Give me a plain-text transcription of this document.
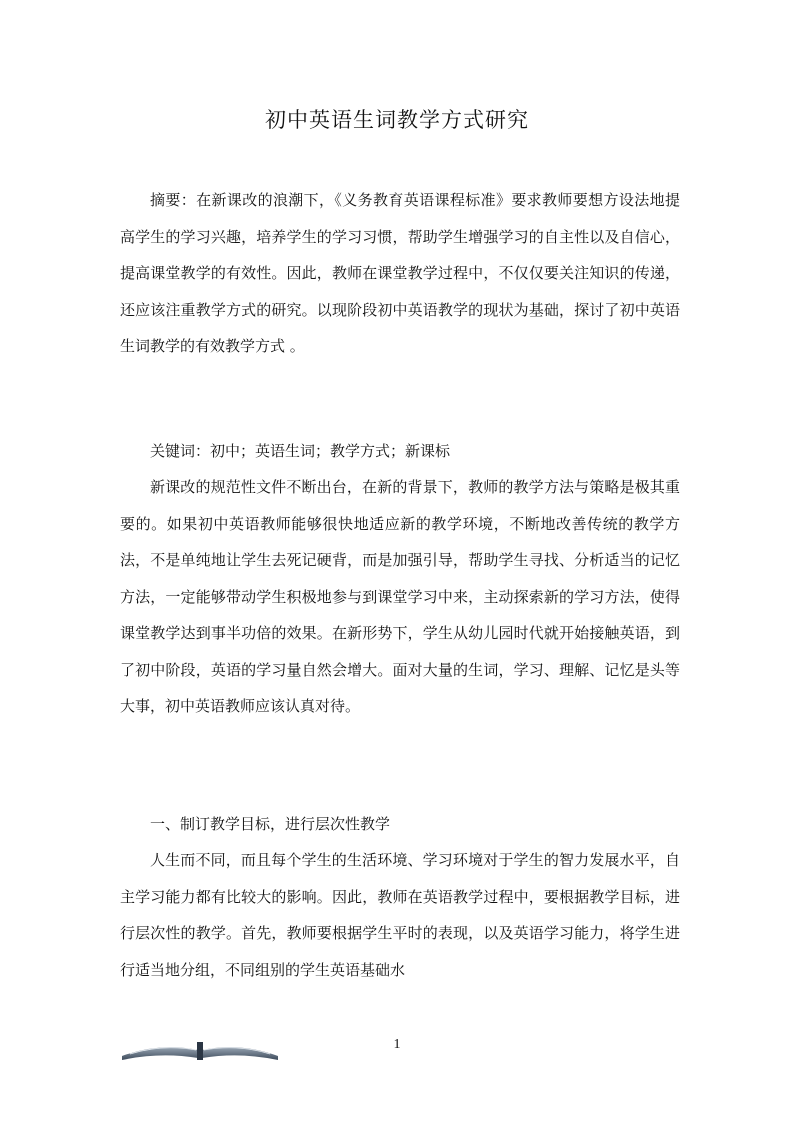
初中英语生词教学方式研究

摘要：在新课改的浪潮下，《义务教育英语课程标准》要求教师要想方设法地提高学生的学习兴趣，培养学生的学习习惯，帮助学生增强学习的自主性以及自信心，提高课堂教学的有效性。因此，教师在课堂教学过程中，不仅仅要关注知识的传递，还应该注重教学方式的研究。以现阶段初中英语教学的现状为基础，探讨了初中英语生词教学的有效教学方式 。

关键词：初中；英语生词；教学方式；新课标

新课改的规范性文件不断出台，在新的背景下，教师的教学方法与策略是极其重要的。如果初中英语教师能够很快地适应新的教学环境，不断地改善传统的教学方法，不是单纯地让学生去死记硬背，而是加强引导，帮助学生寻找、分析适当的记忆方法，一定能够带动学生积极地参与到课堂学习中来，主动探索新的学习方法，使得课堂教学达到事半功倍的效果。在新形势下，学生从幼儿园时代就开始接触英语，到了初中阶段，英语的学习量自然会增大。面对大量的生词，学习、理解、记忆是头等大事，初中英语教师应该认真对待。

一、制订教学目标，进行层次性教学

人生而不同，而且每个学生的生活环境、学习环境对于学生的智力发展水平，自主学习能力都有比较大的影响。因此，教师在英语教学过程中，要根据教学目标，进行层次性的教学。首先，教师要根据学生平时的表现，以及英语学习能力，将学生进行适当地分组，不同组别的学生英语基础水

1
